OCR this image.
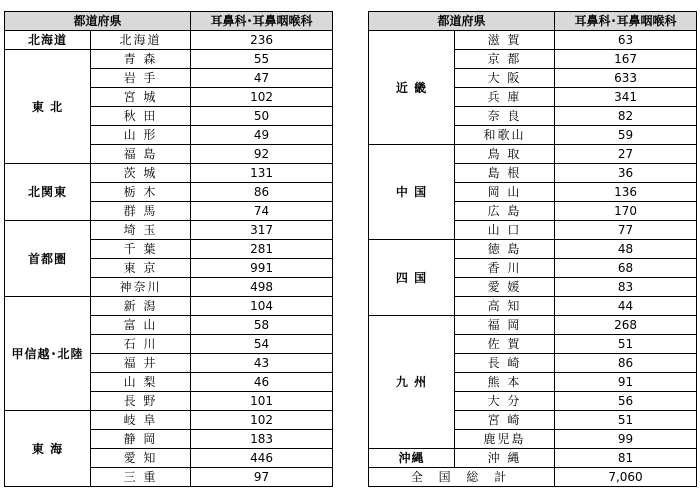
都道府県		耳鼻科･耳鼻咽喉科
北海道	北海道	236
東 北	青 森	55
	岩 手	47
	宮 城	102
	秋 田	50
	山 形	49
	福 島	92
北関東	茨 城	131
	栃 木	86
	群 馬	74
首都圏	埼 玉	317
	千 葉	281
	東 京	991
	神奈川	498
甲信越･北陸	新 潟	104
	富 山	58
	石 川	54
	福 井	43
	山 梨	46
	長 野	101
東 海	岐 阜	102
	静 岡	183
	愛 知	446
	三 重	97
都道府県		耳鼻科･耳鼻咽喉科
近 畿	滋 賀	63
	京 都	167
	大 阪	633
	兵 庫	341
	奈 良	82
	和歌山	59
中 国	鳥 取	27
	島 根	36
	岡 山	136
	広 島	170
	山 口	77
四 国	徳 島	48
	香 川	68
	愛 媛	83
	高 知	44
九 州	福 岡	268
	佐 賀	51
	長 崎	86
	熊 本	91
	大 分	56
	宮 崎	51
	鹿児島	99
沖縄	沖 縄	81
全 国 総 計		7,060
